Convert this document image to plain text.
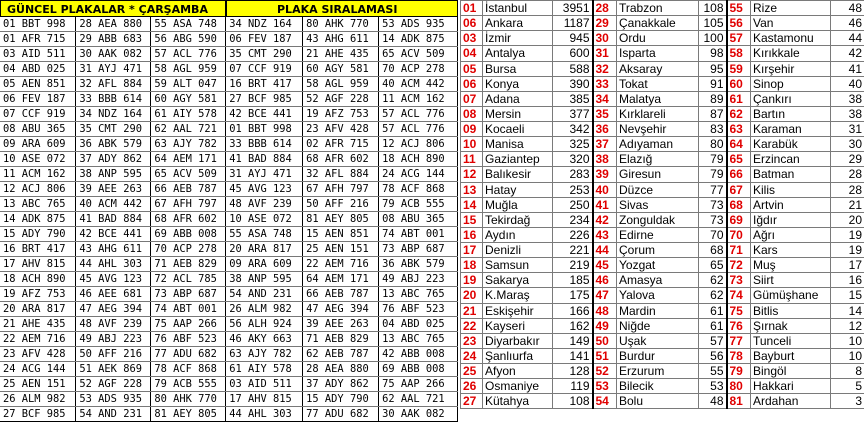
GÜNCEL PLAKALAR * ÇARŞAMBA	PLAKA SIRALAMASI
01 BBT 998	28 AEA 880	55 ASA 748	34 NDZ 164	80 AHK 770	53 ADS 935
01 AFR 715	29 ABB 683	56 ABG 590	06 FEV 187	43 AHG 611	14 ADK 875
03 AID 511	30 AAK 082	57 ACL 776	35 CMT 290	21 AHE 435	65 ACV 509
04 ABD 025	31 AYJ 471	58 AGL 959	07 CCF 919	60 AGY 581	70 ACP 278
05 AEN 851	32 AFL 884	59 ALT 047	16 BRT 417	58 AGL 959	40 ACM 442
06 FEV 187	33 BBB 614	60 AGY 581	27 BCF 985	52 AGF 228	11 ACM 162
07 CCF 919	34 NDZ 164	61 AIY 578	42 BCE 441	19 AFZ 753	57 ACL 776
08 ABU 365	35 CMT 290	62 AAL 721	01 BBT 998	23 AFV 428	57 ACL 776
09 ARA 609	36 ABK 579	63 AJY 782	33 BBB 614	02 AFR 715	12 ACJ 806
10 ASE 072	37 ADY 862	64 AEM 171	41 BAD 884	68 AFR 602	18 ACH 890
11 ACM 162	38 ANP 595	65 ACV 509	31 AYJ 471	32 AFL 884	24 ACG 144
12 ACJ 806	39 AEE 263	66 AEB 787	45 AVG 123	67 AFH 797	78 ACF 868
13 ABC 765	40 ACM 442	67 AFH 797	48 AVF 239	50 AFF 216	79 ACB 555
14 ADK 875	41 BAD 884	68 AFR 602	10 ASE 072	81 AEY 805	08 ABU 365
15 ADY 790	42 BCE 441	69 ABB 008	55 ASA 748	15 AEN 851	74 ABT 001
16 BRT 417	43 AHG 611	70 ACP 278	20 ARA 817	25 AEN 151	73 ABP 687
17 AHV 815	44 AHL 303	71 AEB 829	09 ARA 609	22 AEM 716	36 ABK 579
18 ACH 890	45 AVG 123	72 ACL 785	38 ANP 595	64 AEM 171	49 ABJ 223
19 AFZ 753	46 AEE 681	73 ABP 687	54 AND 231	66 AEB 787	13 ABC 765
20 ARA 817	47 AEG 394	74 ABT 001	26 ALM 982	47 AEG 394	76 ABF 523
21 AHE 435	48 AVF 239	75 AAP 266	56 ALH 924	39 AEE 263	04 ABD 025
22 AEM 716	49 ABJ 223	76 ABF 523	46 AKY 663	71 AEB 829	13 ABC 765
23 AFV 428	50 AFF 216	77 ADU 682	63 AJY 782	62 AEB 787	42 ABB 008
24 ACG 144	51 AEK 869	78 ACF 868	61 AIY 578	28 AEA 880	69 ABB 008
25 AEN 151	52 AGF 228	79 ACB 555	03 AID 511	37 ADY 862	75 AAP 266
26 ALM 982	53 ADS 935	80 AHK 770	17 AHV 815	15 ADY 790	62 AAL 721
27 BCF 985	54 AND 231	81 AEY 805	44 AHL 303	77 ADU 682	30 AAK 082
01	İstanbul	3951	28	Trabzon	108	55	Rize	48
06	Ankara	1187	29	Çanakkale	105	56	Van	46
03	İzmir	945	30	Ordu	100	57	Kastamonu	44
04	Antalya	600	31	Isparta	98	58	Kırıkkale	42
05	Bursa	588	32	Aksaray	95	59	Kırşehir	41
06	Konya	390	33	Tokat	91	60	Sinop	40
07	Adana	385	34	Malatya	89	61	Çankırı	38
08	Mersin	377	35	Kırklareli	87	62	Bartın	38
09	Kocaeli	342	36	Nevşehir	83	63	Karaman	31
10	Manisa	325	37	Adıyaman	80	64	Karabük	30
11	Gaziantep	320	38	Elazığ	79	65	Erzincan	29
12	Balıkesir	283	39	Giresun	79	66	Batman	28
13	Hatay	253	40	Düzce	77	67	Kilis	28
14	Muğla	250	41	Sivas	73	68	Artvin	21
15	Tekirdağ	234	42	Zonguldak	73	69	Iğdır	20
16	Aydın	226	43	Edirne	70	70	Ağrı	19
17	Denizli	221	44	Çorum	68	71	Kars	19
18	Samsun	219	45	Yozgat	65	72	Muş	17
19	Sakarya	185	46	Amasya	62	73	Siirt	16
20	K.Maraş	175	47	Yalova	62	74	Gümüşhane	15
21	Eskişehir	166	48	Mardin	61	75	Bitlis	14
22	Kayseri	162	49	Niğde	61	76	Şırnak	12
23	Diyarbakır	149	50	Uşak	57	77	Tunceli	10
24	Şanlıurfa	141	51	Burdur	56	78	Bayburt	10
25	Afyon	128	52	Erzurum	55	79	Bingöl	8
26	Osmaniye	119	53	Bilecik	53	80	Hakkari	5
27	Kütahya	108	54	Bolu	48	81	Ardahan	3
